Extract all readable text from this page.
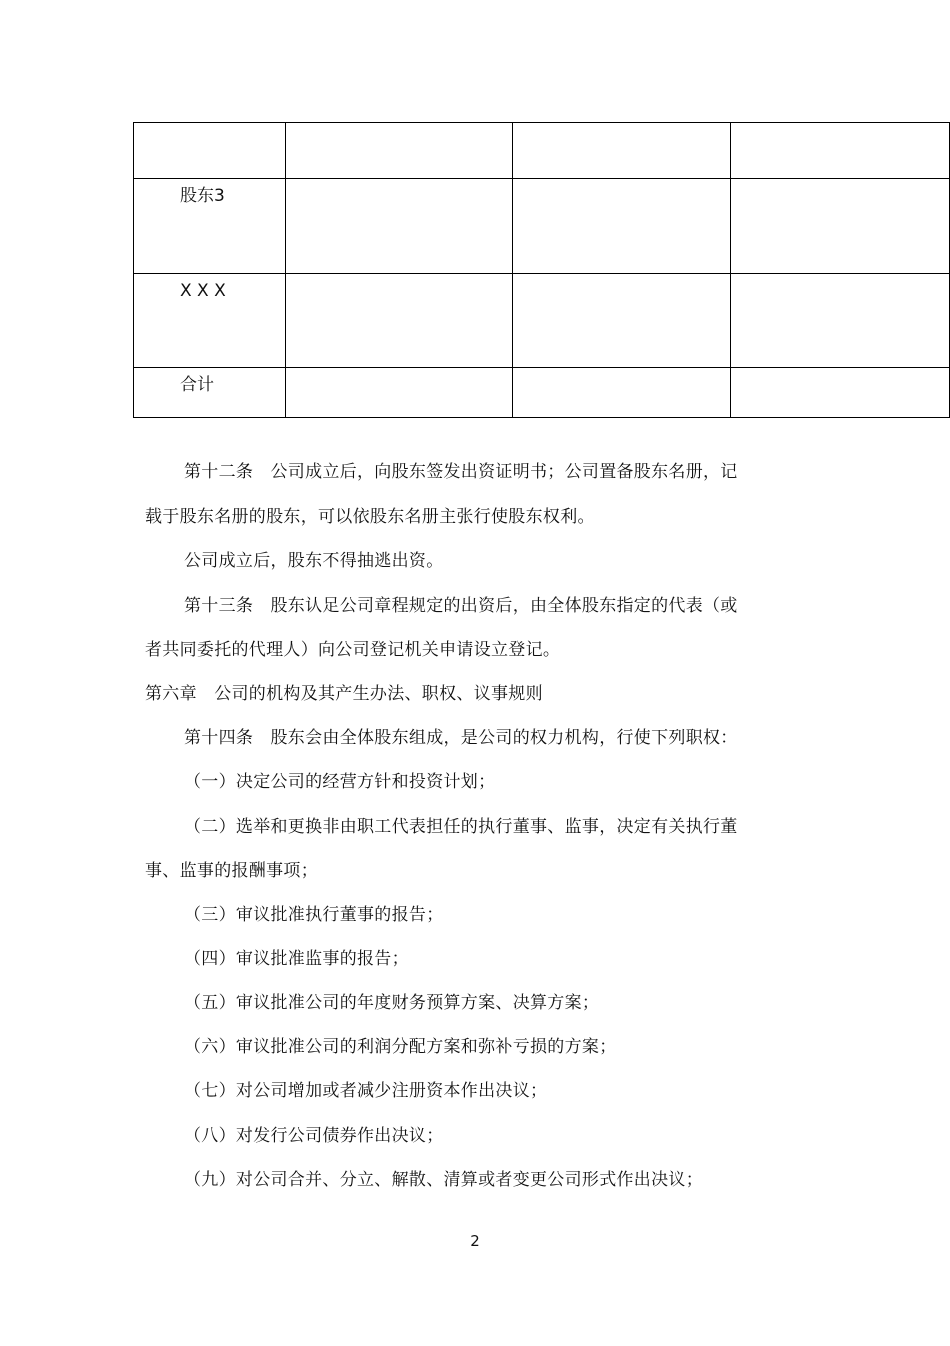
股东3			
X X X			
合计			
第十二条　公司成立后，向股东签发出资证明书；公司置备股东名册，记
载于股东名册的股东，可以依股东名册主张行使股东权利。
公司成立后，股东不得抽逃出资。
第十三条　股东认足公司章程规定的出资后，由全体股东指定的代表（或
者共同委托的代理人）向公司登记机关申请设立登记。
第六章　公司的机构及其产生办法、职权、议事规则
第十四条　股东会由全体股东组成，是公司的权力机构，行使下列职权：
（一）决定公司的经营方针和投资计划；
（二）选举和更换非由职工代表担任的执行董事、监事，决定有关执行董
事、监事的报酬事项；
（三）审议批准执行董事的报告；
（四）审议批准监事的报告；
（五）审议批准公司的年度财务预算方案、决算方案；
（六）审议批准公司的利润分配方案和弥补亏损的方案；
（七）对公司增加或者减少注册资本作出决议；
（八）对发行公司债券作出决议；
（九）对公司合并、分立、解散、清算或者变更公司形式作出决议；
2
